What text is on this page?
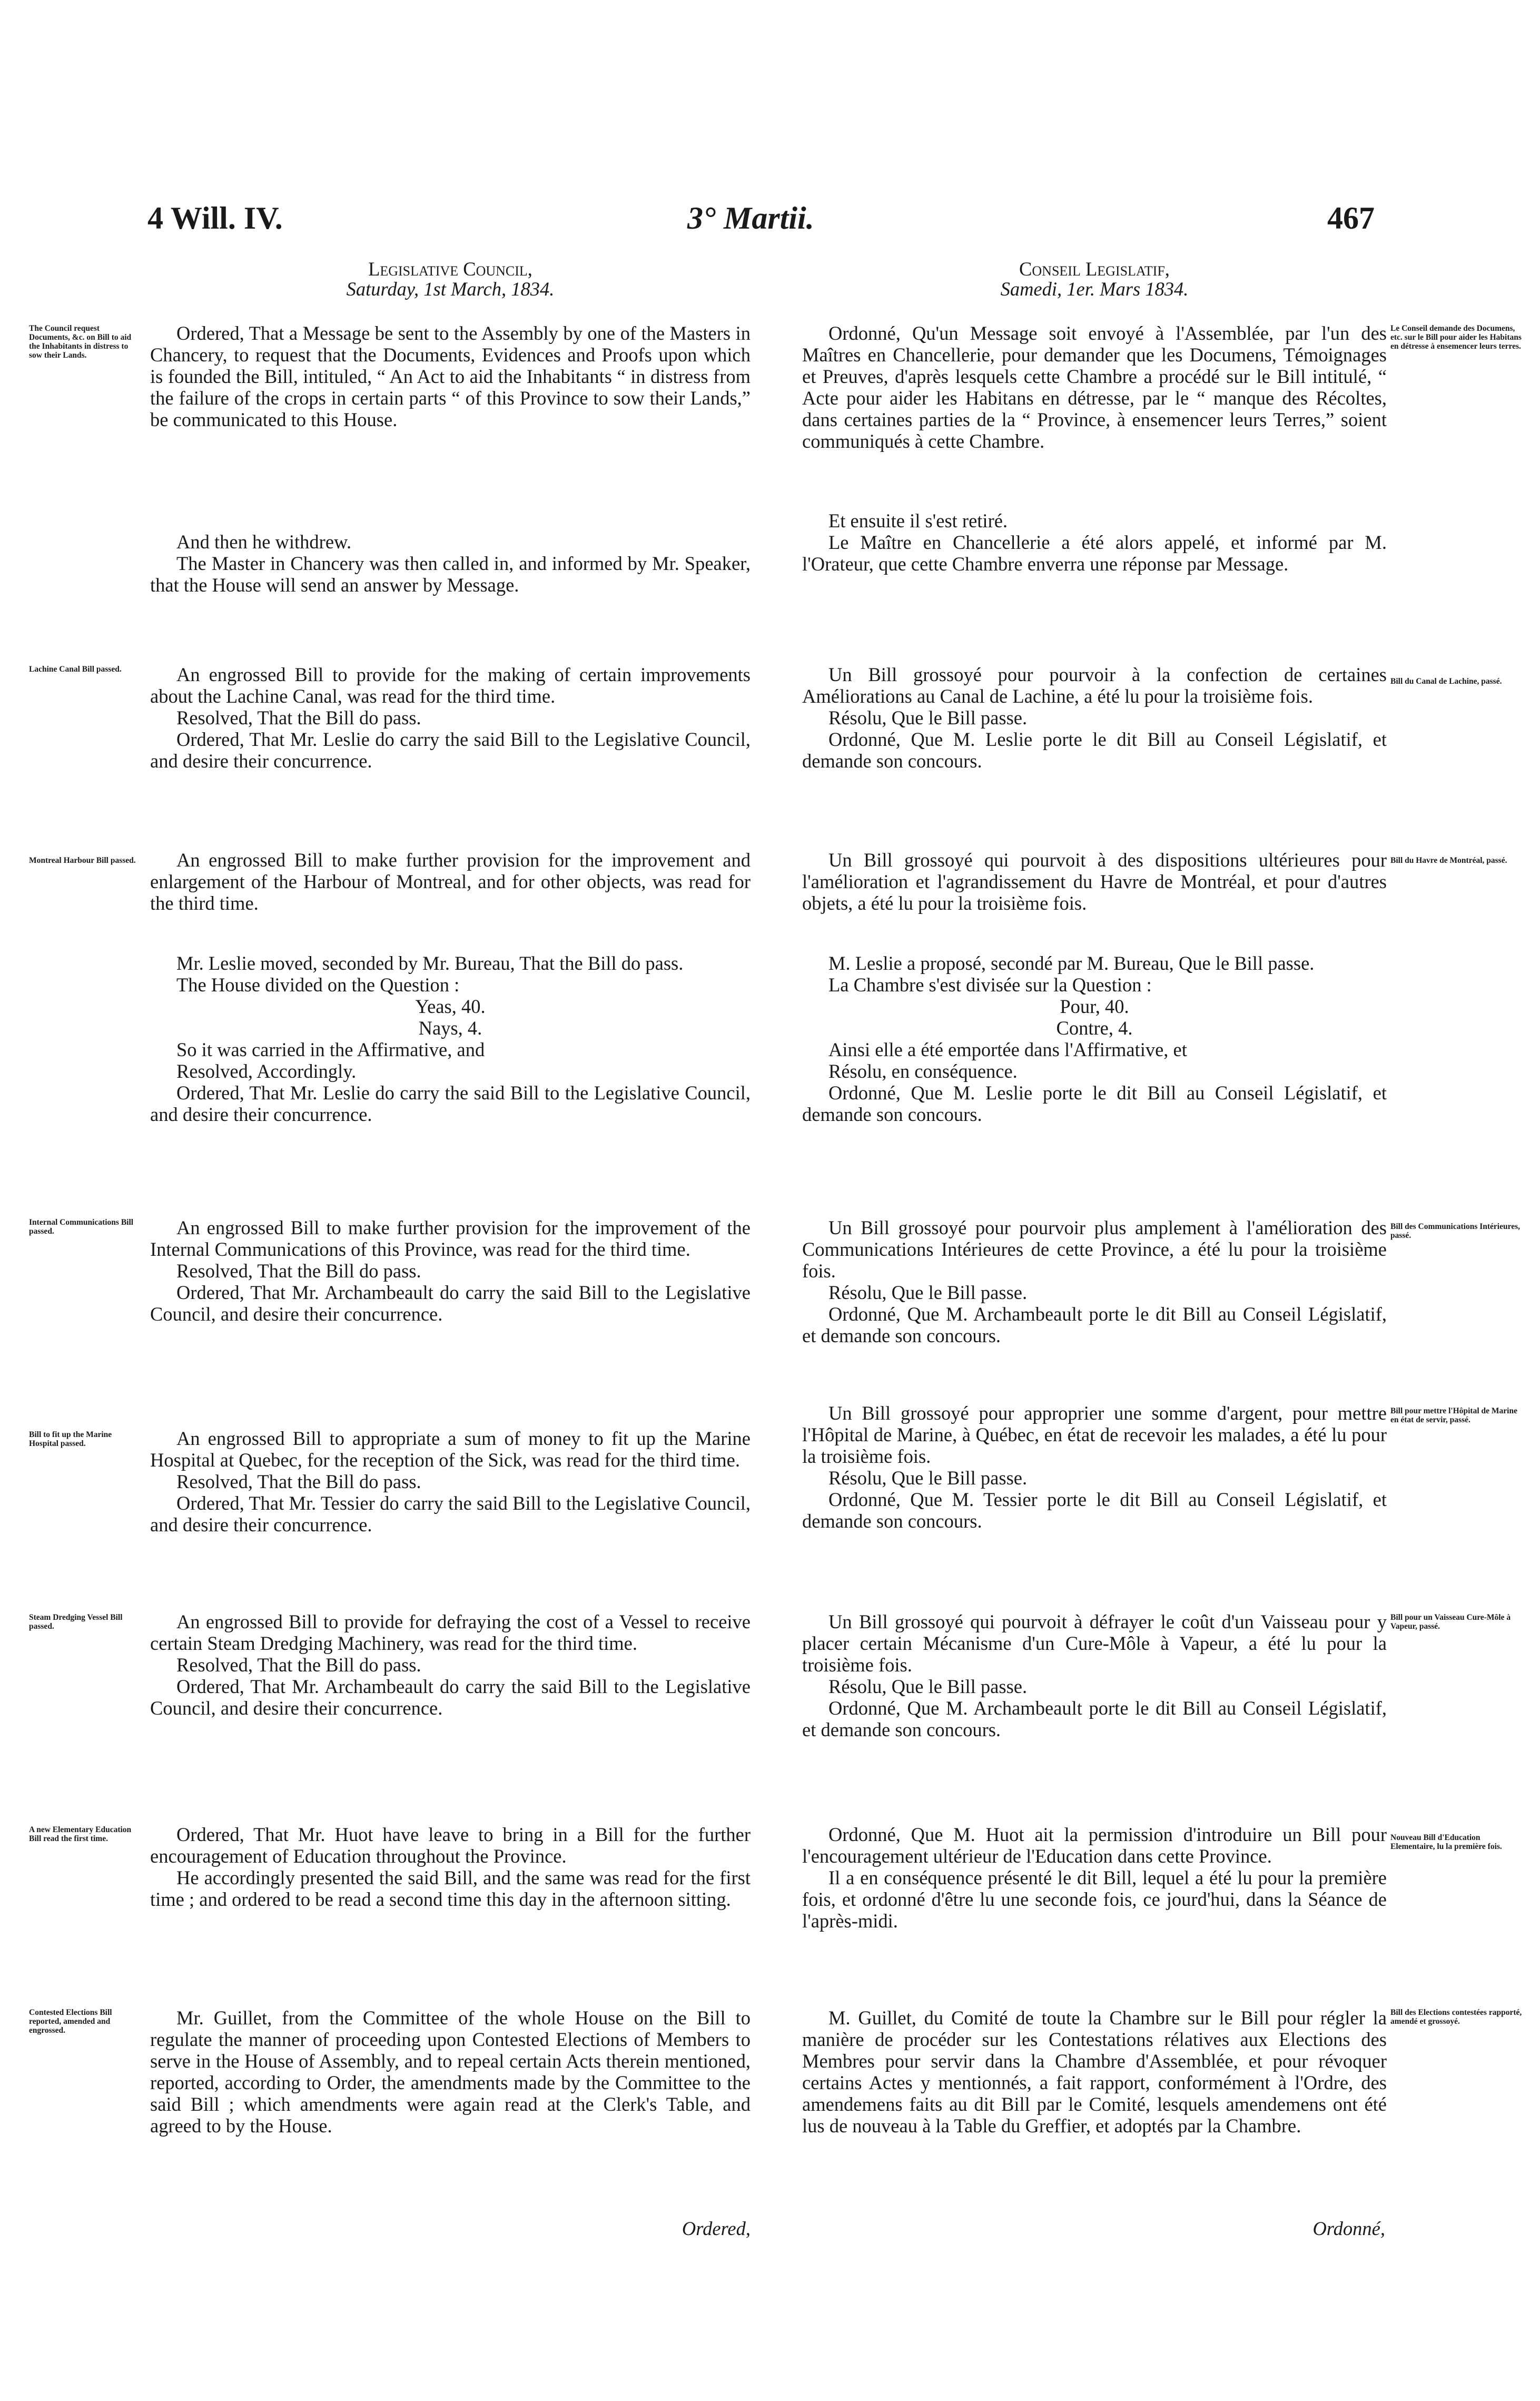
4 Will. IV.	3° Martii.	467
Legislative Council,
Saturday, 1st March, 1834.

Ordered, That a Message be sent to the Assembly by one of the Masters in Chancery, to request that the Documents, Evidences and Proofs upon which is founded the Bill, intituled, “ An Act to aid the Inhabitants “ in distress from the failure of the crops in certain parts “ of this Province to sow their Lands,” be communicated to this House.

And then he withdrew.

The Master in Chancery was then called in, and informed by Mr. Speaker, that the House will send an answer by Message.

An engrossed Bill to provide for the making of certain improvements about the Lachine Canal, was read for the third time.

Resolved, That the Bill do pass.

Ordered, That Mr. Leslie do carry the said Bill to the Legislative Council, and desire their concurrence.

An engrossed Bill to make further provision for the improvement and enlargement of the Harbour of Montreal, and for other objects, was read for the third time.

Mr. Leslie moved, seconded by Mr. Bureau, That the Bill do pass.

The House divided on the Question :

Yeas, 40.

Nays, 4.

So it was carried in the Affirmative, and

Resolved, Accordingly.

Ordered, That Mr. Leslie do carry the said Bill to the Legislative Council, and desire their concurrence.

An engrossed Bill to make further provision for the improvement of the Internal Communications of this Province, was read for the third time.

Resolved, That the Bill do pass.

Ordered, That Mr. Archambeault do carry the said Bill to the Legislative Council, and desire their concurrence.

An engrossed Bill to appropriate a sum of money to fit up the Marine Hospital at Quebec, for the reception of the Sick, was read for the third time.

Resolved, That the Bill do pass.

Ordered, That Mr. Tessier do carry the said Bill to the Legislative Council, and desire their concurrence.

An engrossed Bill to provide for defraying the cost of a Vessel to receive certain Steam Dredging Machinery, was read for the third time.

Resolved, That the Bill do pass.

Ordered, That Mr. Archambeault do carry the said Bill to the Legislative Council, and desire their concurrence.

Ordered, That Mr. Huot have leave to bring in a Bill for the further encouragement of Education throughout the Province.

He accordingly presented the said Bill, and the same was read for the first time ; and ordered to be read a second time this day in the afternoon sitting.

Mr. Guillet, from the Committee of the whole House on the Bill to regulate the manner of proceeding upon Contested Elections of Members to serve in the House of Assembly, and to repeal certain Acts therein mentioned, reported, according to Order, the amendments made by the Committee to the said Bill ; which amendments were again read at the Clerk's Table, and agreed to by the House.

Ordered,
Conseil Legislatif,
Samedi, 1er. Mars 1834.

Ordonné, Qu'un Message soit envoyé à l'Assemblée, par l'un des Maîtres en Chancellerie, pour demander que les Documens, Témoignages et Preuves, d'après lesquels cette Chambre a procédé sur le Bill intitulé, “ Acte pour aider les Habitans en détresse, par le “ manque des Récoltes, dans certaines parties de la “ Province, à ensemencer leurs Terres,” soient communiqués à cette Chambre.

Et ensuite il s'est retiré.

Le Maître en Chancellerie a été alors appelé, et informé par M. l'Orateur, que cette Chambre enverra une réponse par Message.

Un Bill grossoyé pour pourvoir à la confection de certaines Améliorations au Canal de Lachine, a été lu pour la troisième fois.

Résolu, Que le Bill passe.

Ordonné, Que M. Leslie porte le dit Bill au Conseil Législatif, et demande son concours.

Un Bill grossoyé qui pourvoit à des dispositions ultérieures pour l'amélioration et l'agrandissement du Havre de Montréal, et pour d'autres objets, a été lu pour la troisième fois.

M. Leslie a proposé, secondé par M. Bureau, Que le Bill passe.

La Chambre s'est divisée sur la Question :

Pour, 40.

Contre, 4.

Ainsi elle a été emportée dans l'Affirmative, et

Résolu, en conséquence.

Ordonné, Que M. Leslie porte le dit Bill au Conseil Législatif, et demande son concours.

Un Bill grossoyé pour pourvoir plus amplement à l'amélioration des Communications Intérieures de cette Province, a été lu pour la troisième fois.

Résolu, Que le Bill passe.

Ordonné, Que M. Archambeault porte le dit Bill au Conseil Législatif, et demande son concours.

Un Bill grossoyé pour approprier une somme d'argent, pour mettre l'Hôpital de Marine, à Québec, en état de recevoir les malades, a été lu pour la troisième fois.

Résolu, Que le Bill passe.

Ordonné, Que M. Tessier porte le dit Bill au Conseil Législatif, et demande son concours.

Un Bill grossoyé qui pourvoit à défrayer le coût d'un Vaisseau pour y placer certain Mécanisme d'un Cure-Môle à Vapeur, a été lu pour la troisième fois.

Résolu, Que le Bill passe.

Ordonné, Que M. Archambeault porte le dit Bill au Conseil Législatif, et demande son concours.

Ordonné, Que M. Huot ait la permission d'introduire un Bill pour l'encouragement ultérieur de l'Education dans cette Province.

Il a en conséquence présenté le dit Bill, lequel a été lu pour la première fois, et ordonné d'être lu une seconde fois, ce jourd'hui, dans la Séance de l'après-midi.

M. Guillet, du Comité de toute la Chambre sur le Bill pour régler la manière de procéder sur les Contestations rélatives aux Elections des Membres pour servir dans la Chambre d'Assemblée, et pour révoquer certains Actes y mentionnés, a fait rapport, conformément à l'Ordre, des amendemens faits au dit Bill par le Comité, lesquels amendemens ont été lus de nouveau à la Table du Greffier, et adoptés par la Chambre.

Ordonné,
The Council request Documents, &c. on Bill to aid the Inhabitants in distress to sow their Lands.
Lachine Canal Bill passed.
Montreal Harbour Bill passed.
Internal Communications Bill passed.
Bill to fit up the Marine Hospital passed.
Steam Dredging Vessel Bill passed.
A new Elementary Education Bill read the first time.
Contested Elections Bill reported, amended and engrossed.
Le Conseil demande des Documens, etc. sur le Bill pour aider les Habitans en détresse à ensemencer leurs terres.
Bill du Canal de Lachine, passé.
Bill du Havre de Montréal, passé.
Bill des Communications Intérieures, passé.
Bill pour mettre l'Hôpital de Marine en état de servir, passé.
Bill pour un Vaisseau Cure-Môle à Vapeur, passé.
Nouveau Bill d'Education Elementaire, lu la première fois.
Bill des Elections contestées rapporté, amendé et grossoyé.
